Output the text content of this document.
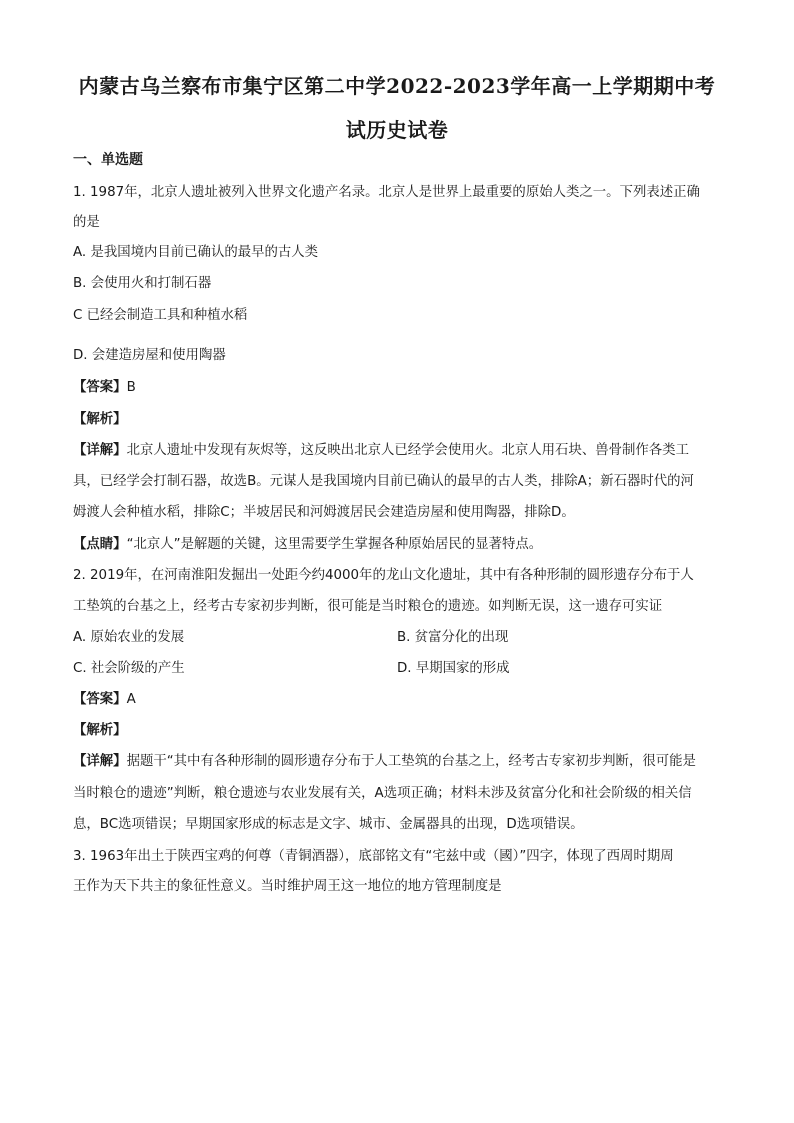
内蒙古乌兰察布市集宁区第二中学2022-2023学年高一上学期期中考
试历史试卷
一、单选题
1. 1987年，北京人遗址被列入世界文化遗产名录。北京人是世界上最重要的原始人类之一。下列表述正确
的是
A. 是我国境内目前已确认的最早的古人类
B. 会使用火和打制石器
C 已经会制造工具和种植水稻
D. 会建造房屋和使用陶器
【答案】B
【解析】
【详解】北京人遗址中发现有灰烬等，这反映出北京人已经学会使用火。北京人用石块、兽骨制作各类工
具，已经学会打制石器，故选B。元谋人是我国境内目前已确认的最早的古人类，排除A；新石器时代的河
姆渡人会种植水稻，排除C；半坡居民和河姆渡居民会建造房屋和使用陶器，排除D。
【点睛】“北京人”是解题的关键，这里需要学生掌握各种原始居民的显著特点。
2. 2019年，在河南淮阳发掘出一处距今约4000年的龙山文化遗址，其中有各种形制的圆形遗存分布于人
工垫筑的台基之上，经考古专家初步判断，很可能是当时粮仓的遗迹。如判断无误，这一遗存可实证
A. 原始农业的发展	B. 贫富分化的出现
C. 社会阶级的产生	D. 早期国家的形成
【答案】A
【解析】
【详解】据题干“其中有各种形制的圆形遗存分布于人工垫筑的台基之上，经考古专家初步判断，很可能是
当时粮仓的遗迹”判断，粮仓遗迹与农业发展有关，A选项正确；材料未涉及贫富分化和社会阶级的相关信
息，BC选项错误；早期国家形成的标志是文字、城市、金属器具的出现，D选项错误。
3. 1963年出土于陕西宝鸡的何尊（青铜酒器），底部铭文有“宅兹中或（國）”四字，体现了西周时期周
王作为天下共主的象征性意义。当时维护周王这一地位的地方管理制度是
